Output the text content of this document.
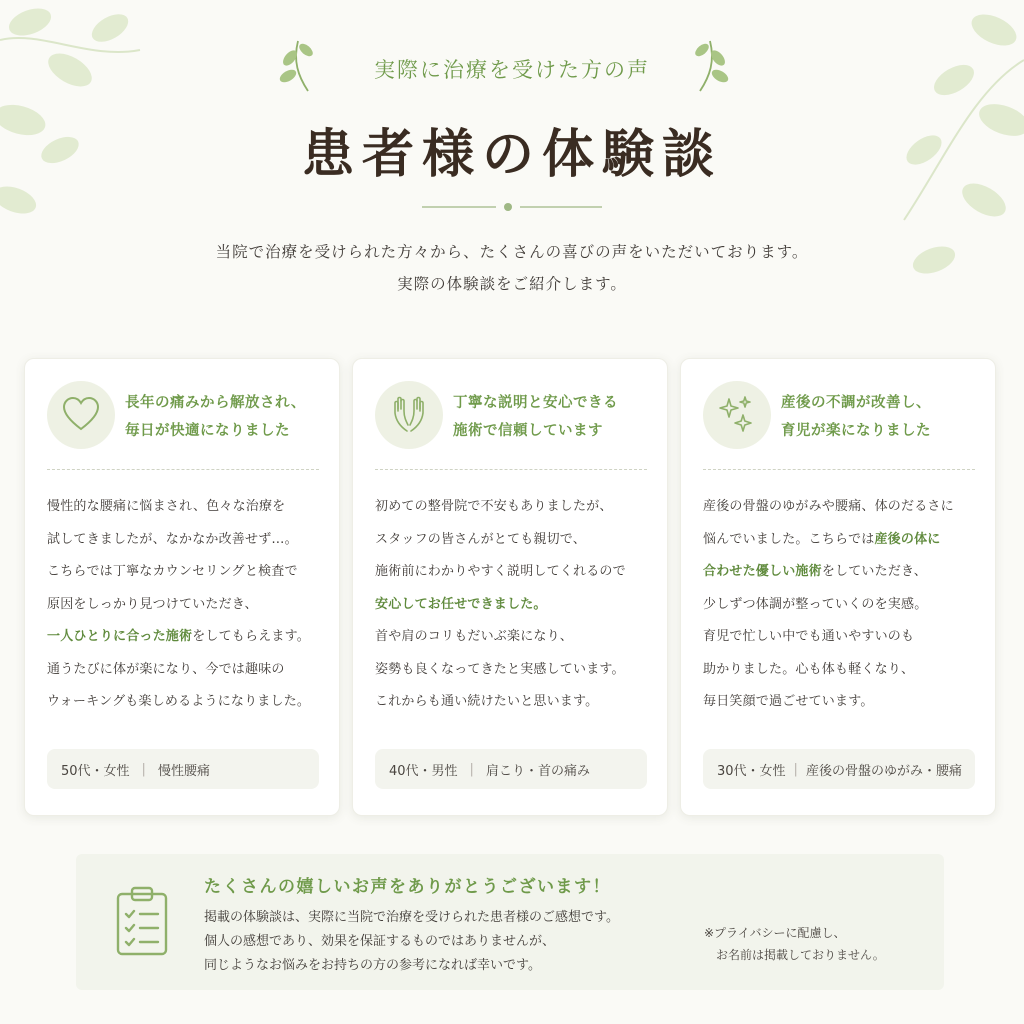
実際に治療を受けた方の声
患者様の体験談
当院で治療を受けられた方々から、たくさんの喜びの声をいただいております。
実際の体験談をご紹介します。
長年の痛みから解放され、
毎日が快適になりました
慢性的な腰痛に悩まされ、色々な治療を
試してきましたが、なかなか改善せず…。
こちらでは丁寧なカウンセリングと検査で
原因をしっかり見つけていただき、
一人ひとりに合った施術をしてもらえます。
通うたびに体が楽になり、今では趣味の
ウォーキングも楽しめるようになりました。
50代・女性 | 慢性腰痛
丁寧な説明と安心できる
施術で信頼しています
初めての整骨院で不安もありましたが、
スタッフの皆さんがとても親切で、
施術前にわかりやすく説明してくれるので
安心してお任せできました。
首や肩のコリもだいぶ楽になり、
姿勢も良くなってきたと実感しています。
これからも通い続けたいと思います。
40代・男性 | 肩こり・首の痛み
産後の不調が改善し、
育児が楽になりました
産後の骨盤のゆがみや腰痛、体のだるさに
悩んでいました。こちらでは産後の体に
合わせた優しい施術をしていただき、
少しずつ体調が整っていくのを実感。
育児で忙しい中でも通いやすいのも
助かりました。心も体も軽くなり、
毎日笑顔で過ごせています。
30代・女性 | 産後の骨盤のゆがみ・腰痛
たくさんの嬉しいお声をありがとうございます！
掲載の体験談は、実際に当院で治療を受けられた患者様のご感想です。
個人の感想であり、効果を保証するものではありませんが、
同じようなお悩みをお持ちの方の参考になれば幸いです。
※プライバシーに配慮し、
　お名前は掲載しておりません。
